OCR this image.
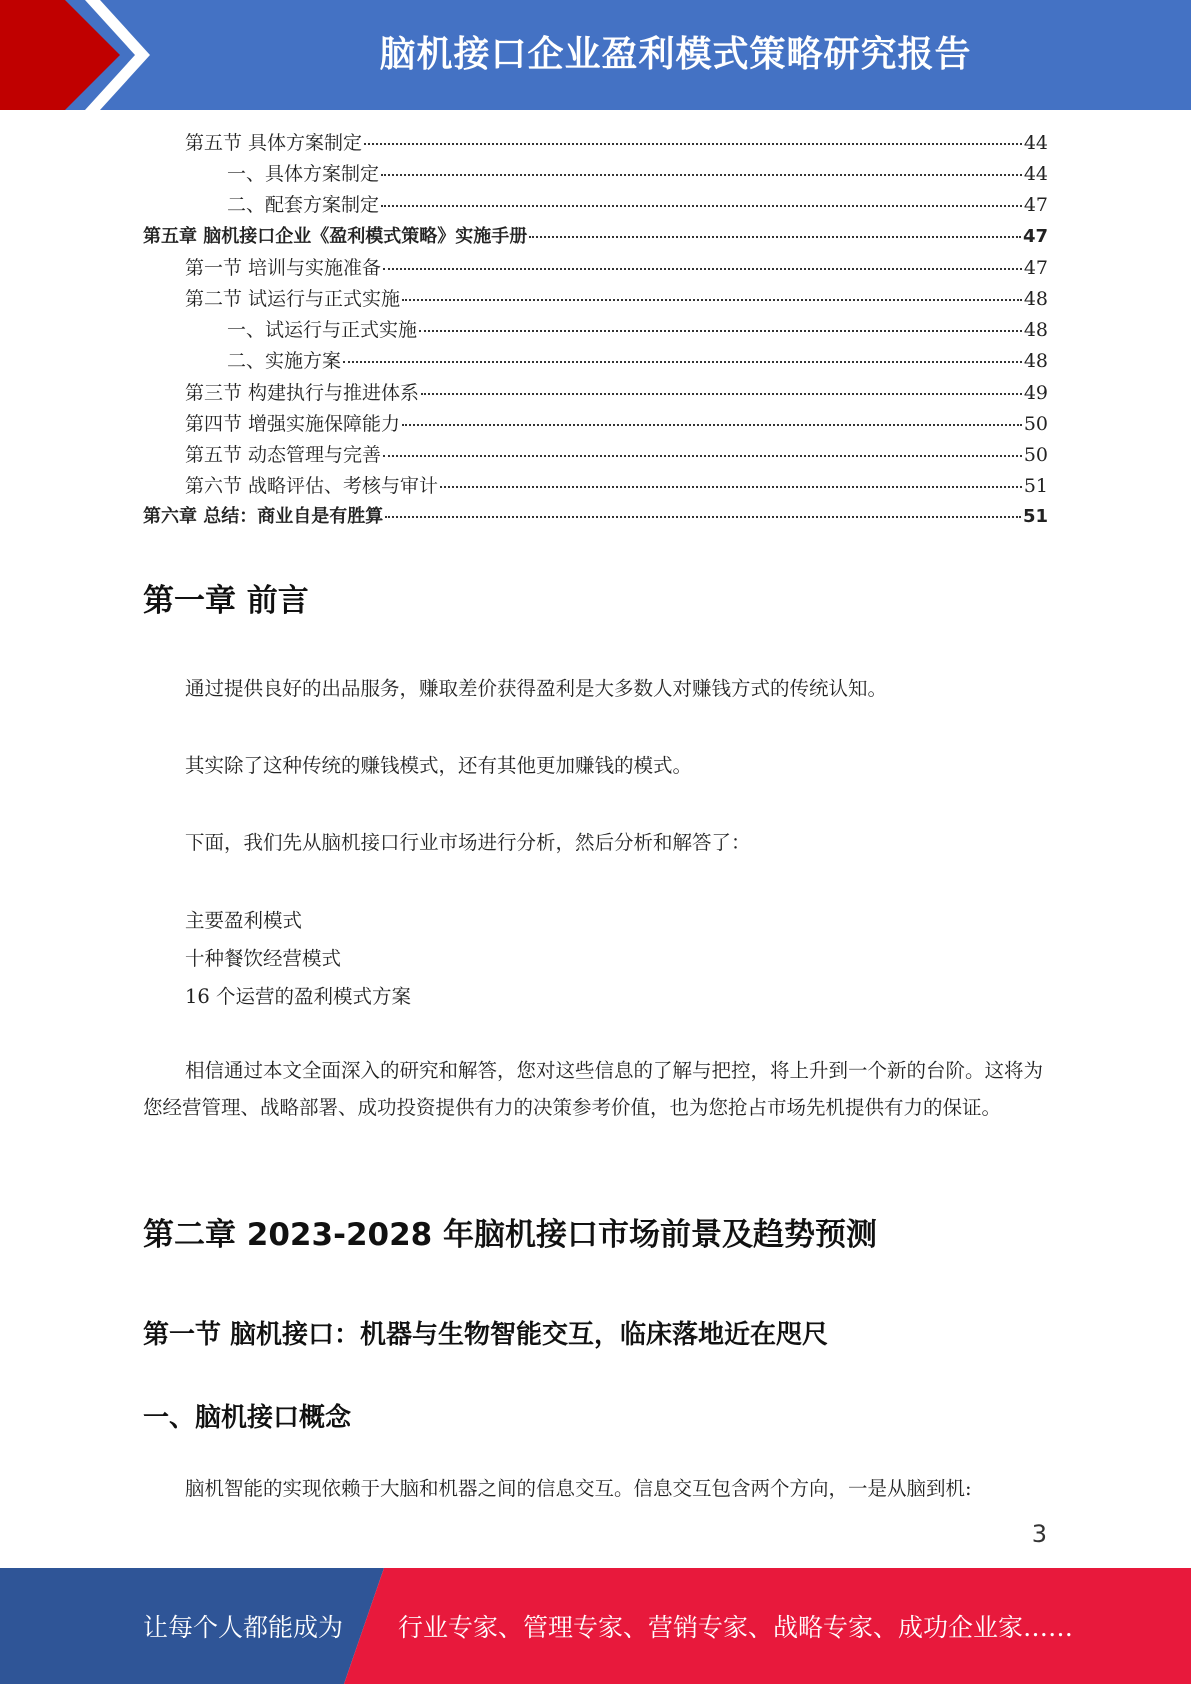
脑机接口企业盈利模式策略研究报告
第五节 具体方案制定	44
一、具体方案制定	44
二、配套方案制定	47
第五章 脑机接口企业《盈利模式策略》实施手册	47
第一节 培训与实施准备	47
第二节 试运行与正式实施	48
一、试运行与正式实施	48
二、实施方案	48
第三节 构建执行与推进体系	49
第四节 增强实施保障能力	50
第五节 动态管理与完善	50
第六节 战略评估、考核与审计	51
第六章 总结：商业自是有胜算	51
第一章 前言
通过提供良好的出品服务，赚取差价获得盈利是大多数人对赚钱方式的传统认知。
其实除了这种传统的赚钱模式，还有其他更加赚钱的模式。
下面，我们先从脑机接口行业市场进行分析，然后分析和解答了：
主要盈利模式
十种餐饮经营模式
16 个运营的盈利模式方案
相信通过本文全面深入的研究和解答，您对这些信息的了解与把控，将上升到一个新的台阶。这将为您经营管理、战略部署、成功投资提供有力的决策参考价值，也为您抢占市场先机提供有力的保证。
第二章 2023-2028 年脑机接口市场前景及趋势预测
第一节 脑机接口：机器与生物智能交互，临床落地近在咫尺
一、脑机接口概念
脑机智能的实现依赖于大脑和机器之间的信息交互。信息交互包含两个方向，一是从脑到机:
3
让每个人都能成为 行业专家、管理专家、营销专家、战略专家、成功企业家……
